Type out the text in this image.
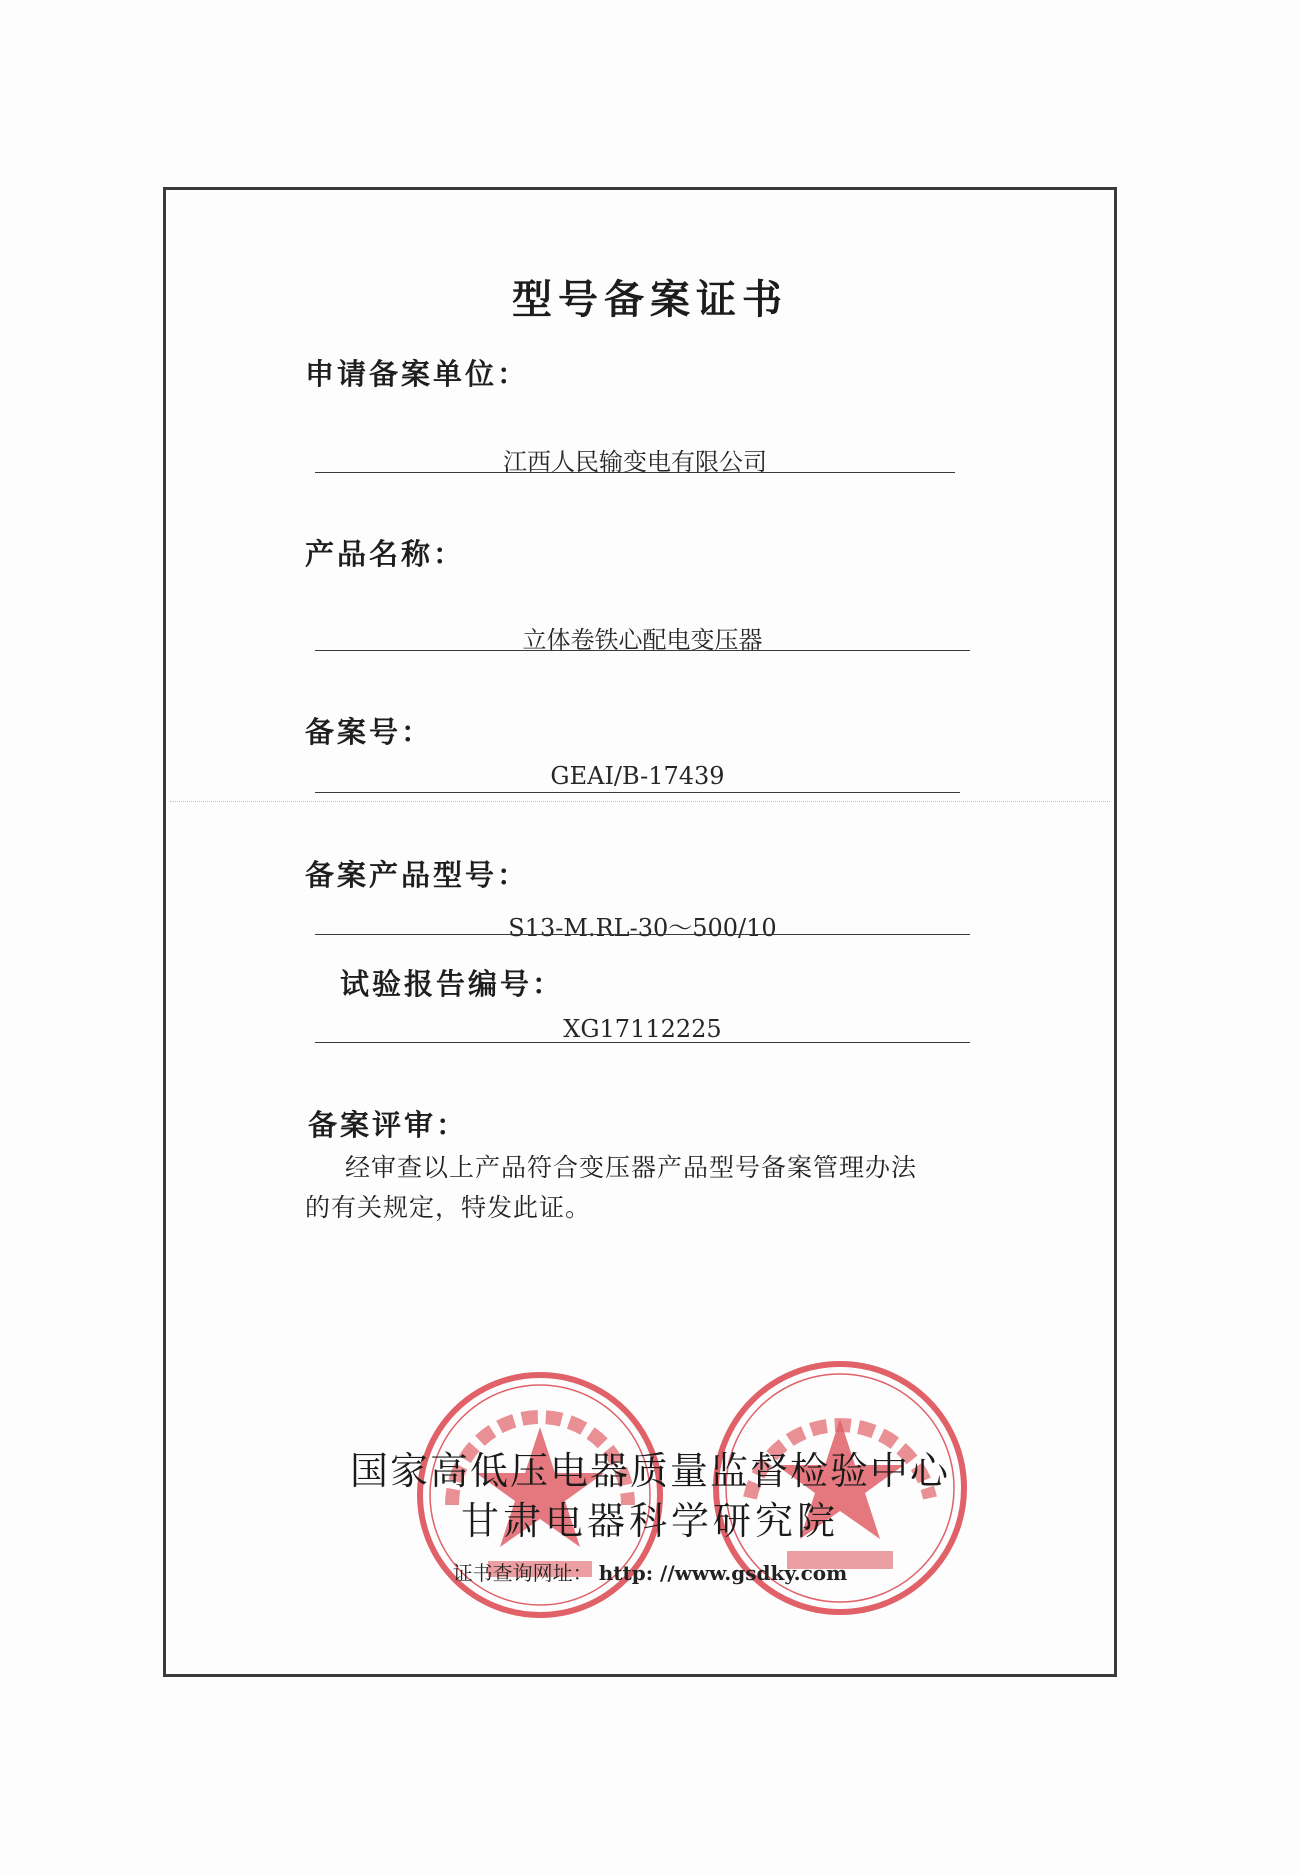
型号备案证书
申请备案单位：
江西人民输变电有限公司
产品名称：
立体卷铁心配电变压器
备案号：
GEAI/B-17439
备案产品型号：
S13-M.RL-30～500/10
试验报告编号：
XG17112225
备案评审：
经审查以上产品符合变压器产品型号备案管理办法
的有关规定，特发此证。
国家高低压电器质量监督检验中心
甘肃电器科学研究院
证书查询网址： http: //www.gsdky.com
